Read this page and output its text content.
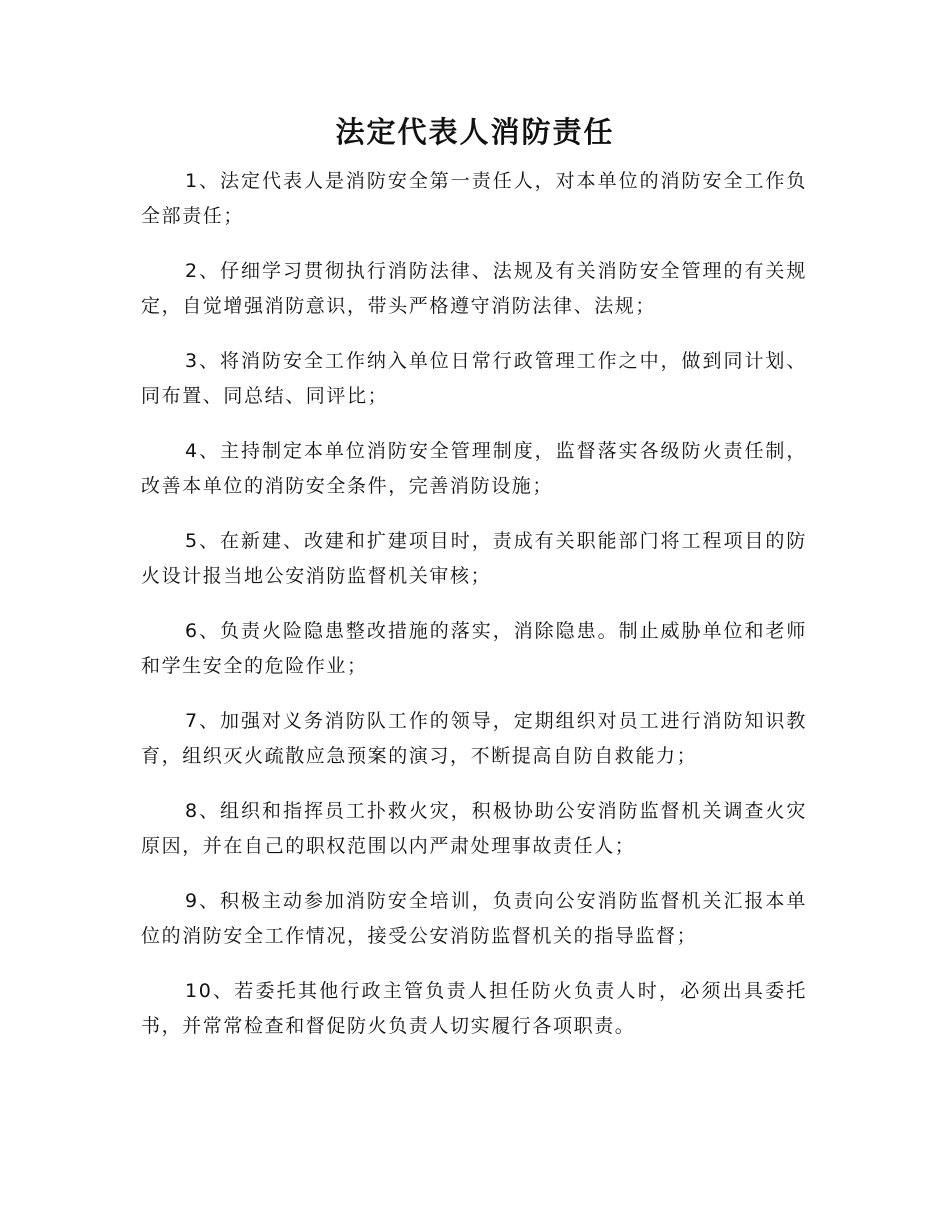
法定代表人消防责任

1、法定代表人是消防安全第一责任人，对本单位的消防安全工作负全部责任；

2、仔细学习贯彻执行消防法律、法规及有关消防安全管理的有关规定，自觉增强消防意识，带头严格遵守消防法律、法规；

3、将消防安全工作纳入单位日常行政管理工作之中，做到同计划、同布置、同总结、同评比；

4、主持制定本单位消防安全管理制度，监督落实各级防火责任制，改善本单位的消防安全条件，完善消防设施；

5、在新建、改建和扩建项目时，责成有关职能部门将工程项目的防火设计报当地公安消防监督机关审核；

6、负责火险隐患整改措施的落实，消除隐患。制止威胁单位和老师和学生安全的危险作业；

7、加强对义务消防队工作的领导，定期组织对员工进行消防知识教育，组织灭火疏散应急预案的演习，不断提高自防自救能力；

8、组织和指挥员工扑救火灾，积极协助公安消防监督机关调查火灾原因，并在自己的职权范围以内严肃处理事故责任人；

9、积极主动参加消防安全培训，负责向公安消防监督机关汇报本单位的消防安全工作情况，接受公安消防监督机关的指导监督；

10、若委托其他行政主管负责人担任防火负责人时，必须出具委托书，并常常检查和督促防火负责人切实履行各项职责。
